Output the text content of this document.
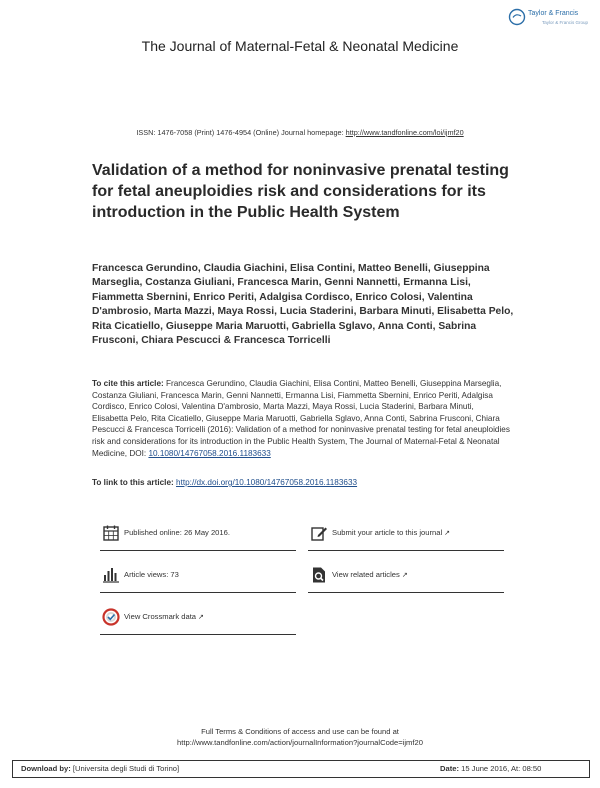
Taylor & Francis
Taylor & Francis Group
The Journal of Maternal-Fetal & Neonatal Medicine
ISSN: 1476-7058 (Print) 1476-4954 (Online) Journal homepage: http://www.tandfonline.com/loi/ijmf20
Validation of a method for noninvasive prenatal testing for fetal aneuploidies risk and considerations for its introduction in the Public Health System
Francesca Gerundino, Claudia Giachini, Elisa Contini, Matteo Benelli, Giuseppina Marseglia, Costanza Giuliani, Francesca Marin, Genni Nannetti, Ermanna Lisi, Fiammetta Sbernini, Enrico Periti, Adalgisa Cordisco, Enrico Colosi, Valentina D'ambrosio, Marta Mazzi, Maya Rossi, Lucia Staderini, Barbara Minuti, Elisabetta Pelo, Rita Cicatiello, Giuseppe Maria Maruotti, Gabriella Sglavo, Anna Conti, Sabrina Frusconi, Chiara Pescucci & Francesca Torricelli
To cite this article: Francesca Gerundino, Claudia Giachini, Elisa Contini, Matteo Benelli, Giuseppina Marseglia, Costanza Giuliani, Francesca Marin, Genni Nannetti, Ermanna Lisi, Fiammetta Sbernini, Enrico Periti, Adalgisa Cordisco, Enrico Colosi, Valentina D'ambrosio, Marta Mazzi, Maya Rossi, Lucia Staderini, Barbara Minuti, Elisabetta Pelo, Rita Cicatiello, Giuseppe Maria Maruotti, Gabriella Sglavo, Anna Conti, Sabrina Frusconi, Chiara Pescucci & Francesca Torricelli (2016): Validation of a method for noninvasive prenatal testing for fetal aneuploidies risk and considerations for its introduction in the Public Health System, The Journal of Maternal-Fetal & Neonatal Medicine, DOI: 10.1080/14767058.2016.1183633
To link to this article: http://dx.doi.org/10.1080/14767058.2016.1183633
Published online: 26 May 2016.	Submit your article to this journal ↗
Article views: 73	View related articles ↗
View Crossmark data ↗
Full Terms & Conditions of access and use can be found at
http://www.tandfonline.com/action/journalInformation?journalCode=ijmf20
Download by: [Universita degli Studi di Torino]	Date: 15 June 2016, At: 08:50
